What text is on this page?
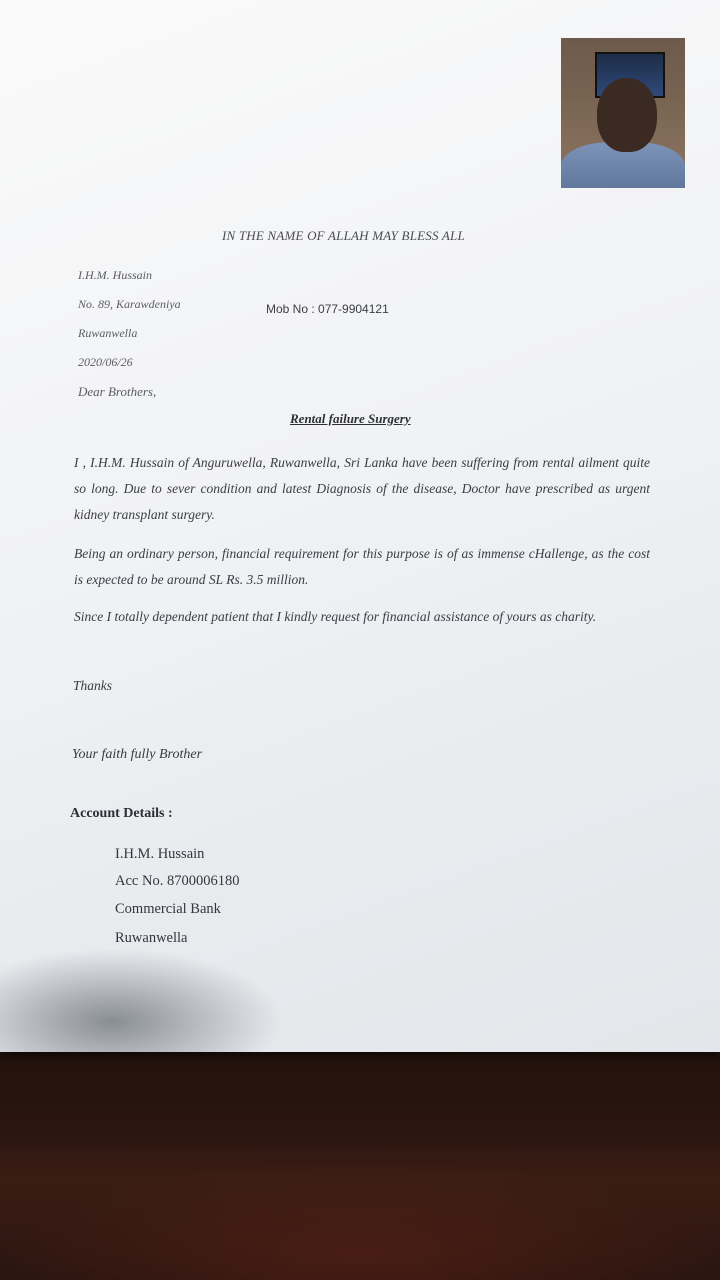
IN THE NAME OF ALLAH MAY BLESS ALL
I.H.M. Hussain
No. 89, Karawdeniya
Ruwanwella
2020/06/26
Mob No : 077-9904121
Dear Brothers,
Rental failure Surgery

I , I.H.M. Hussain of Anguruwella, Ruwanwella, Sri Lanka have been suffering from rental ailment quite so long. Due to sever condition and latest Diagnosis of the disease, Doctor have prescribed as urgent kidney transplant surgery.

Being an ordinary person, financial requirement for this purpose is of as immense cHallenge, as the cost is expected to be around SL Rs. 3.5 million.

Since I totally dependent patient that I kindly request for financial assistance of yours as charity.

Thanks
Your faith fully Brother
Account Details :
I.H.M. Hussain
Acc No. 8700006180
Commercial Bank
Ruwanwella
